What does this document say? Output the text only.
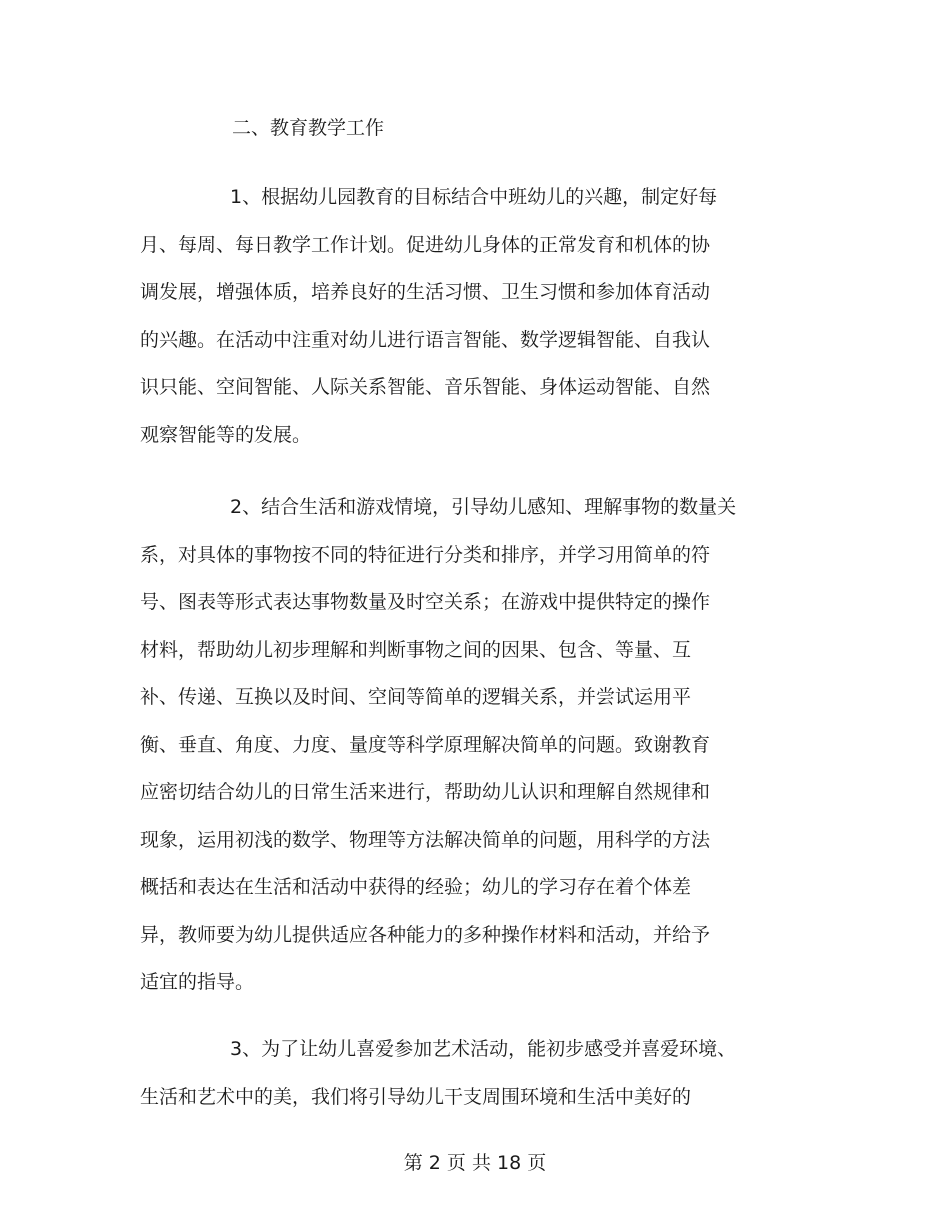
二、教育教学工作
1、根据幼儿园教育的目标结合中班幼儿的兴趣，制定好每
月、每周、每日教学工作计划。促进幼儿身体的正常发育和机体的协
调发展，增强体质，培养良好的生活习惯、卫生习惯和参加体育活动
的兴趣。在活动中注重对幼儿进行语言智能、数学逻辑智能、自我认
识只能、空间智能、人际关系智能、音乐智能、身体运动智能、自然
观察智能等的发展。
2、结合生活和游戏情境，引导幼儿感知、理解事物的数量关
系，对具体的事物按不同的特征进行分类和排序，并学习用简单的符
号、图表等形式表达事物数量及时空关系；在游戏中提供特定的操作
材料，帮助幼儿初步理解和判断事物之间的因果、包含、等量、互
补、传递、互换以及时间、空间等简单的逻辑关系，并尝试运用平
衡、垂直、角度、力度、量度等科学原理解决简单的问题。致谢教育
应密切结合幼儿的日常生活来进行，帮助幼儿认识和理解自然规律和
现象，运用初浅的数学、物理等方法解决简单的问题，用科学的方法
概括和表达在生活和活动中获得的经验；幼儿的学习存在着个体差
异，教师要为幼儿提供适应各种能力的多种操作材料和活动，并给予
适宜的指导。
3、为了让幼儿喜爱参加艺术活动，能初步感受并喜爱环境、
生活和艺术中的美，我们将引导幼儿干支周围环境和生活中美好的
第 2 页 共 18 页
